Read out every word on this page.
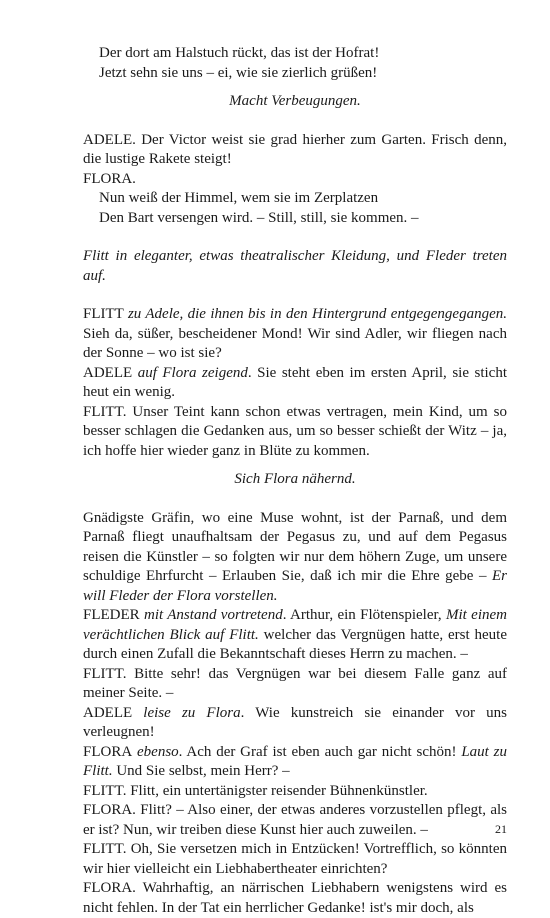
Der dort am Halstuch rückt, das ist der Hofrat!
Jetzt sehn sie uns – ei, wie sie zierlich grüßen!
Macht Verbeugungen.
ADELE. Der Victor weist sie grad hierher zum Garten. Frisch denn, die lustige Rakete steigt!
FLORA.
Nun weiß der Himmel, wem sie im Zerplatzen
Den Bart versengen wird. – Still, still, sie kommen. –
Flitt in eleganter, etwas theatralischer Kleidung, und Fleder treten auf.
FLITT zu Adele, die ihnen bis in den Hintergrund entgegengegangen. Sieh da, süßer, bescheidener Mond! Wir sind Adler, wir fliegen nach der Sonne – wo ist sie?
ADELE auf Flora zeigend. Sie steht eben im ersten April, sie sticht heut ein wenig.
FLITT. Unser Teint kann schon etwas vertragen, mein Kind, um so besser schlagen die Gedanken aus, um so besser schießt der Witz – ja, ich hoffe hier wieder ganz in Blüte zu kommen.
Sich Flora nähernd.
Gnädigste Gräfin, wo eine Muse wohnt, ist der Parnaß, und dem Parnaß fliegt unaufhaltsam der Pegasus zu, und auf dem Pegasus reisen die Künstler – so folgten wir nur dem höhern Zuge, um unsere schuldige Ehrfurcht – Erlauben Sie, daß ich mir die Ehre gebe – Er will Fleder der Flora vorstellen.
FLEDER mit Anstand vortretend. Arthur, ein Flötenspieler, Mit einem verächtlichen Blick auf Flitt. welcher das Vergnügen hatte, erst heute durch einen Zufall die Bekanntschaft dieses Herrn zu machen. –
FLITT. Bitte sehr! das Vergnügen war bei diesem Falle ganz auf meiner Seite. –
ADELE leise zu Flora. Wie kunstreich sie einander vor uns verleugnen!
FLORA ebenso. Ach der Graf ist eben auch gar nicht schön! Laut zu Flitt. Und Sie selbst, mein Herr? –
FLITT. Flitt, ein untertänigster reisender Bühnenkünstler.
FLORA. Flitt? – Also einer, der etwas anderes vorzustellen pflegt, als er ist? Nun, wir treiben diese Kunst hier auch zuweilen. –
FLITT. Oh, Sie versetzen mich in Entzücken! Vortrefflich, so könnten wir hier vielleicht ein Liebhabertheater einrichten?
FLORA. Wahrhaftig, an närrischen Liebhabern wenigstens wird es nicht fehlen. In der Tat ein herrlicher Gedanke! ist's mir doch, als
21
